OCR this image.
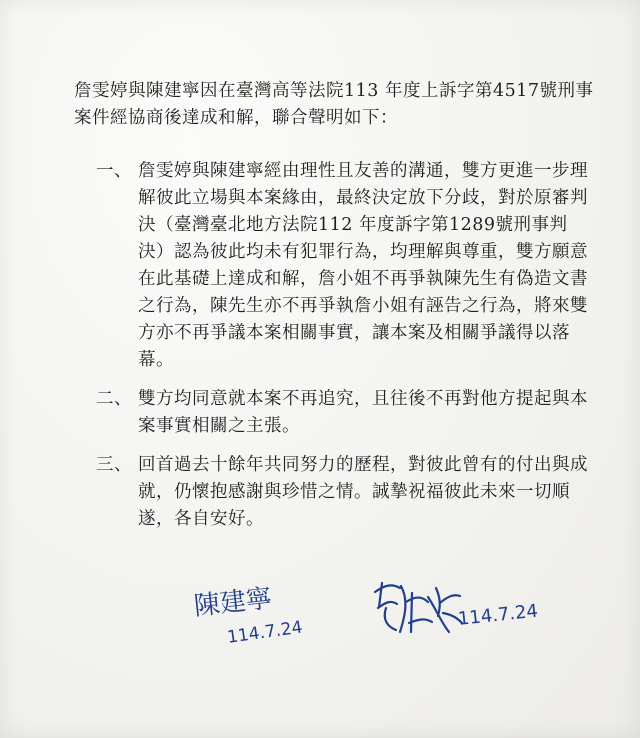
詹雯婷與陳建寧因在臺灣高等法院113 年度上訴字第4517號刑事案件經協商後達成和解，聯合聲明如下：

一、 詹雯婷與陳建寧經由理性且友善的溝通，雙方更進一步理解彼此立場與本案緣由，最終決定放下分歧，對於原審判決（臺灣臺北地方法院112 年度訴字第1289號刑事判決）認為彼此均未有犯罪行為，均理解與尊重，雙方願意在此基礎上達成和解，詹小姐不再爭執陳先生有偽造文書之行為，陳先生亦不再爭執詹小姐有誣告之行為，將來雙方亦不再爭議本案相關事實，讓本案及相關爭議得以落幕。
二、 雙方均同意就本案不再追究，且往後不再對他方提起與本案事實相關之主張。
三、 回首過去十餘年共同努力的歷程，對彼此曾有的付出與成就，仍懷抱感謝與珍惜之情。誠摯祝福彼此未來一切順遂，各自安好。
陳建寧
114.7.24
114.7.24
